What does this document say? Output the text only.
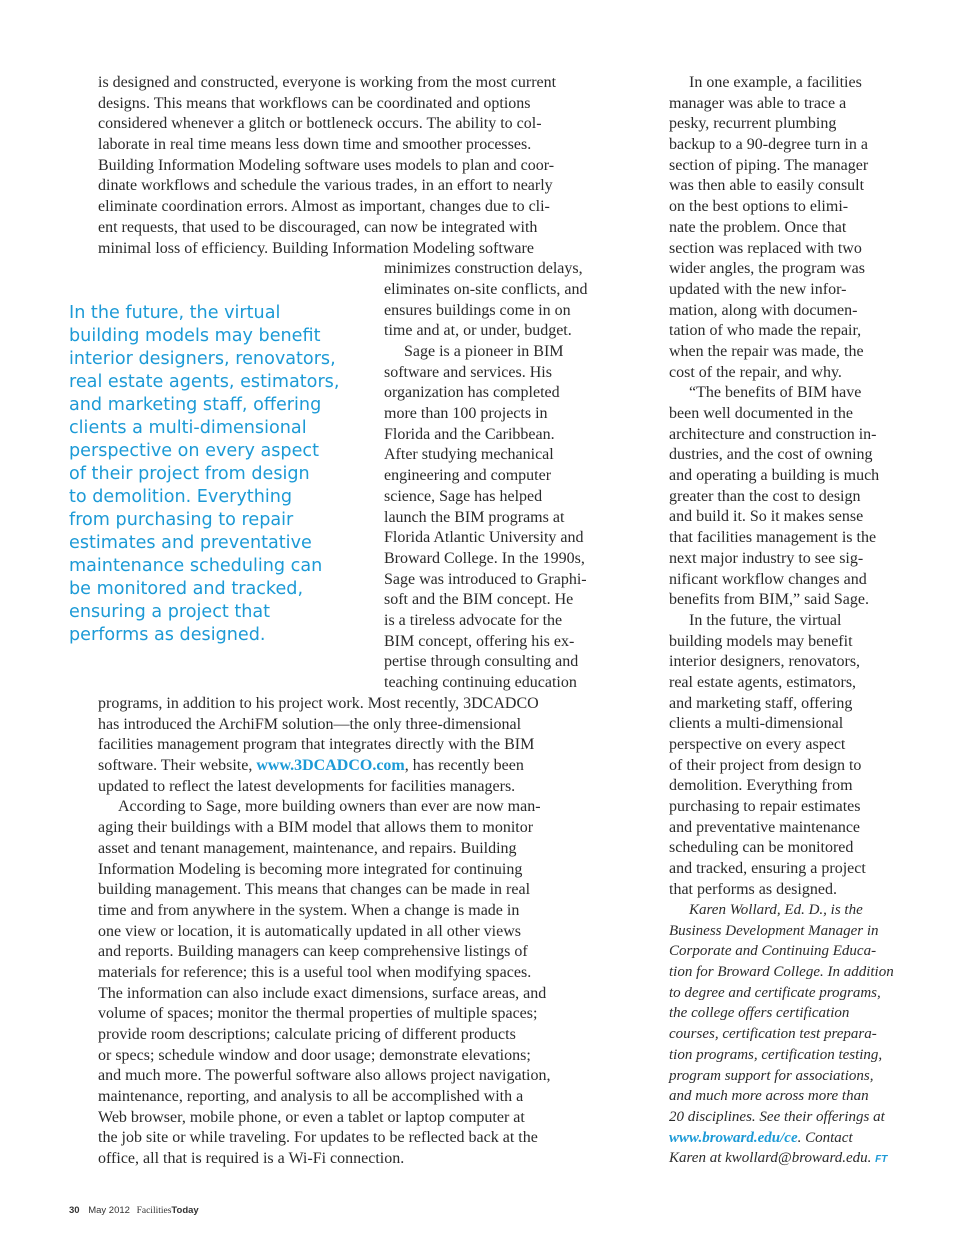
is designed and constructed, everyone is working from the most current
designs. This means that workflows can be coordinated and options
considered whenever a glitch or bottleneck occurs. The ability to col-
laborate in real time means less down time and smoother processes.
Building Information Modeling software uses models to plan and coor-
dinate workflows and schedule the various trades, in an effort to nearly
eliminate coordination errors. Almost as important, changes due to cli-
ent requests, that used to be discouraged, can now be integrated with
minimal loss of efficiency. Building Information Modeling software
minimizes construction delays,
eliminates on-site conflicts, and
ensures buildings come in on
time and at, or under, budget.
Sage is a pioneer in BIM
software and services. His
organization has completed
more than 100 projects in
Florida and the Caribbean.
After studying mechanical
engineering and computer
science, Sage has helped
launch the BIM programs at
Florida Atlantic University and
Broward College. In the 1990s,
Sage was introduced to Graphi-
soft and the BIM concept. He
is a tireless advocate for the
BIM concept, offering his ex-
pertise through consulting and
teaching continuing education
programs, in addition to his project work. Most recently, 3DCADCO
has introduced the ArchiFM solution—the only three-dimensional
facilities management program that integrates directly with the BIM
software. Their website, www.3DCADCO.com, has recently been
updated to reflect the latest developments for facilities managers.
According to Sage, more building owners than ever are now man-
aging their buildings with a BIM model that allows them to monitor
asset and tenant management, maintenance, and repairs. Building
Information Modeling is becoming more integrated for continuing
building management. This means that changes can be made in real
time and from anywhere in the system. When a change is made in
one view or location, it is automatically updated in all other views
and reports. Building managers can keep comprehensive listings of
materials for reference; this is a useful tool when modifying spaces.
The information can also include exact dimensions, surface areas, and
volume of spaces; monitor the thermal properties of multiple spaces;
provide room descriptions; calculate pricing of different products
or specs; schedule window and door usage; demonstrate elevations;
and much more. The powerful software also allows project navigation,
maintenance, reporting, and analysis to all be accomplished with a
Web browser, mobile phone, or even a tablet or laptop computer at
the job site or while traveling. For updates to be reflected back at the
office, all that is required is a Wi-Fi connection.
In the future, the virtual
building models may benefit
interior designers, renovators,
real estate agents, estimators,
and marketing staff, offering
clients a multi-dimensional
perspective on every aspect
of their project from design
to demolition. Everything
from purchasing to repair
estimates and preventative
maintenance scheduling can
be monitored and tracked,
ensuring a project that
performs as designed.
In one example, a facilities
manager was able to trace a
pesky, recurrent plumbing
backup to a 90-degree turn in a
section of piping. The manager
was then able to easily consult
on the best options to elimi-
nate the problem. Once that
section was replaced with two
wider angles, the program was
updated with the new infor-
mation, along with documen-
tation of who made the repair,
when the repair was made, the
cost of the repair, and why.
“The benefits of BIM have
been well documented in the
architecture and construction in-
dustries, and the cost of owning
and operating a building is much
greater than the cost to design
and build it. So it makes sense
that facilities management is the
next major industry to see sig-
nificant workflow changes and
benefits from BIM,” said Sage.
In the future, the virtual
building models may benefit
interior designers, renovators,
real estate agents, estimators,
and marketing staff, offering
clients a multi-dimensional
perspective on every aspect
of their project from design to
demolition. Everything from
purchasing to repair estimates
and preventative maintenance
scheduling can be monitored
and tracked, ensuring a project
that performs as designed.
Karen Wollard, Ed. D., is the
Business Development Manager in
Corporate and Continuing Educa-
tion for Broward College. In addition
to degree and certificate programs,
the college offers certification
courses, certification test prepara-
tion programs, certification testing,
program support for associations,
and much more across more than
20 disciplines. See their offerings at
www.broward.edu/ce. Contact
Karen at kwollard@broward.edu. FT
30 May 2012 FacilitiesToday
